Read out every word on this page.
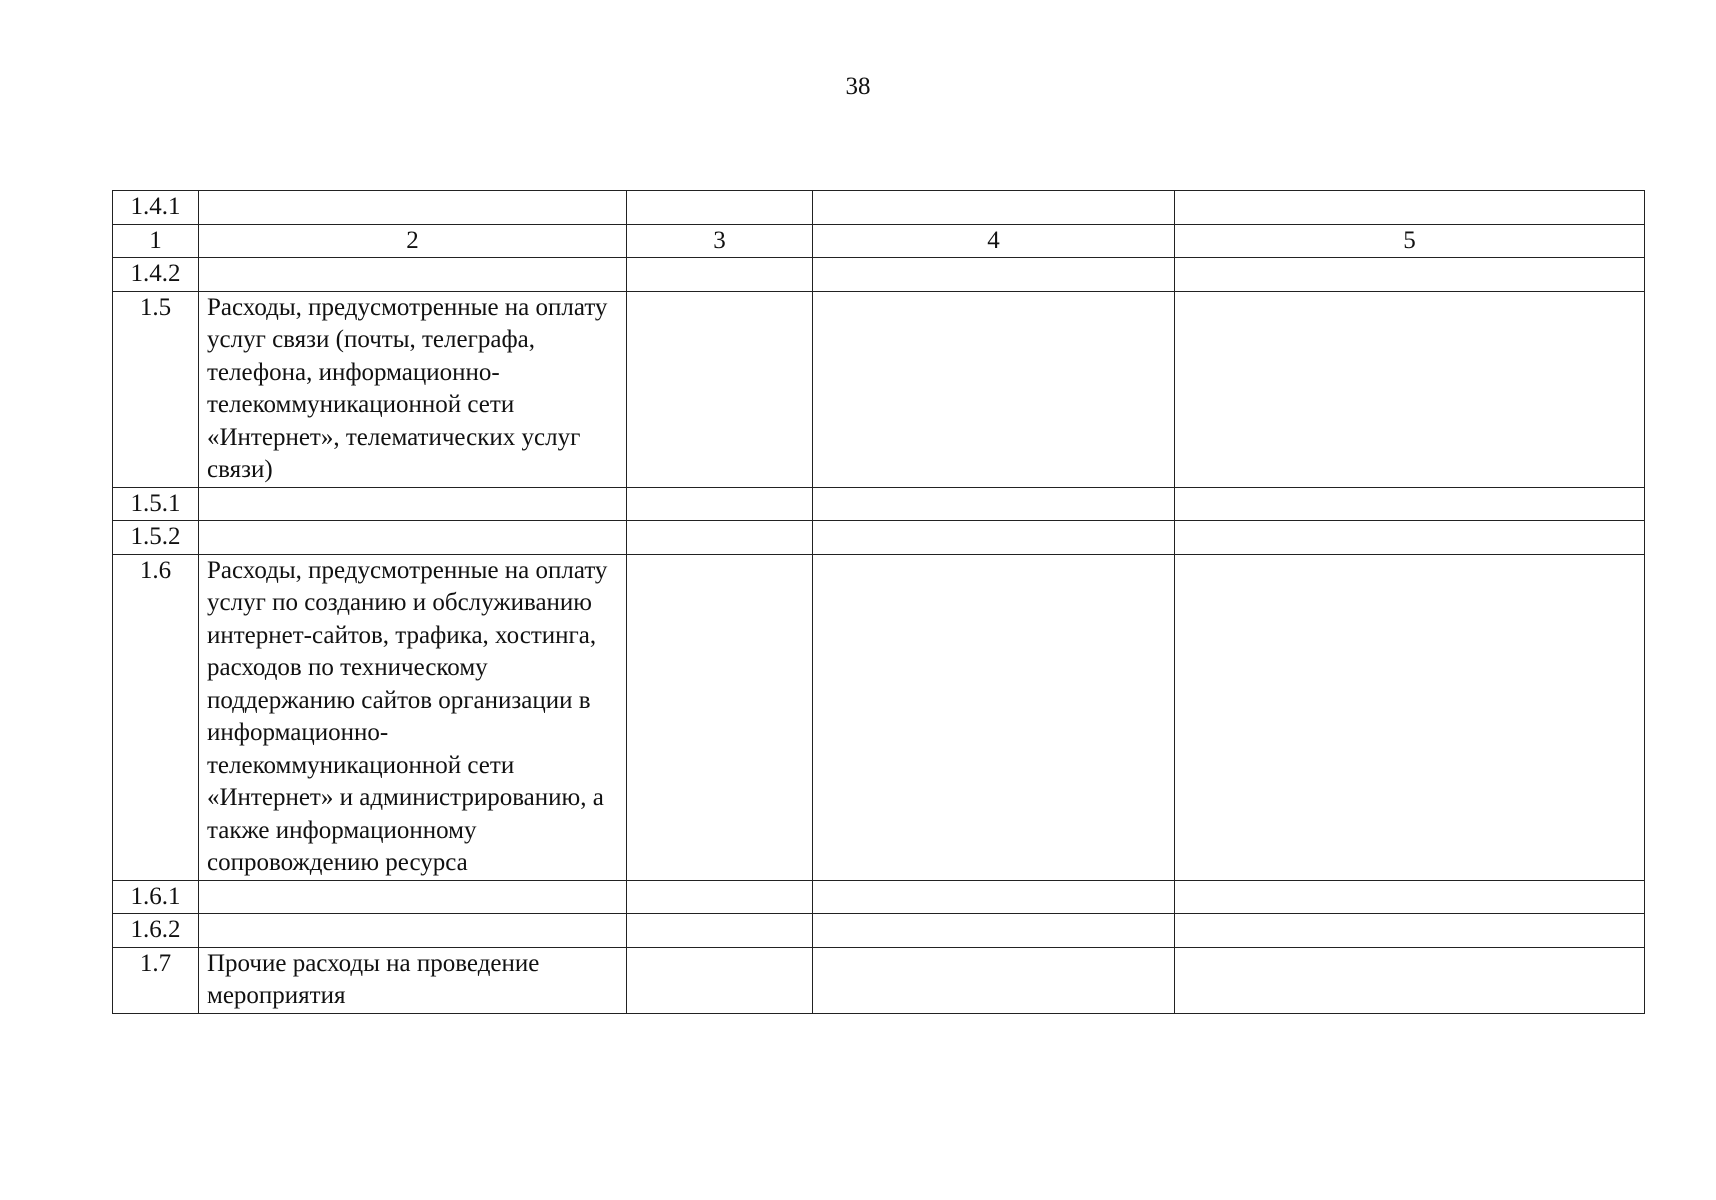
38
1.4.1				
1	2	3	4	5
1.4.2				
1.5	Расходы, предусмотренные на оплату услуг связи (почты, телеграфа, телефона, информационно-телекоммуникационной сети «Интернет», телематических услуг связи)			
1.5.1				
1.5.2				
1.6	Расходы, предусмотренные на оплату услуг по созданию и обслуживанию интернет-сайтов, трафика, хостинга, расходов по техническому поддержанию сайтов организации в информационно-телекоммуникационной сети «Интернет» и администрированию, а также информационному сопровождению ресурса			
1.6.1				
1.6.2				
1.7	Прочие расходы на проведение мероприятия			
